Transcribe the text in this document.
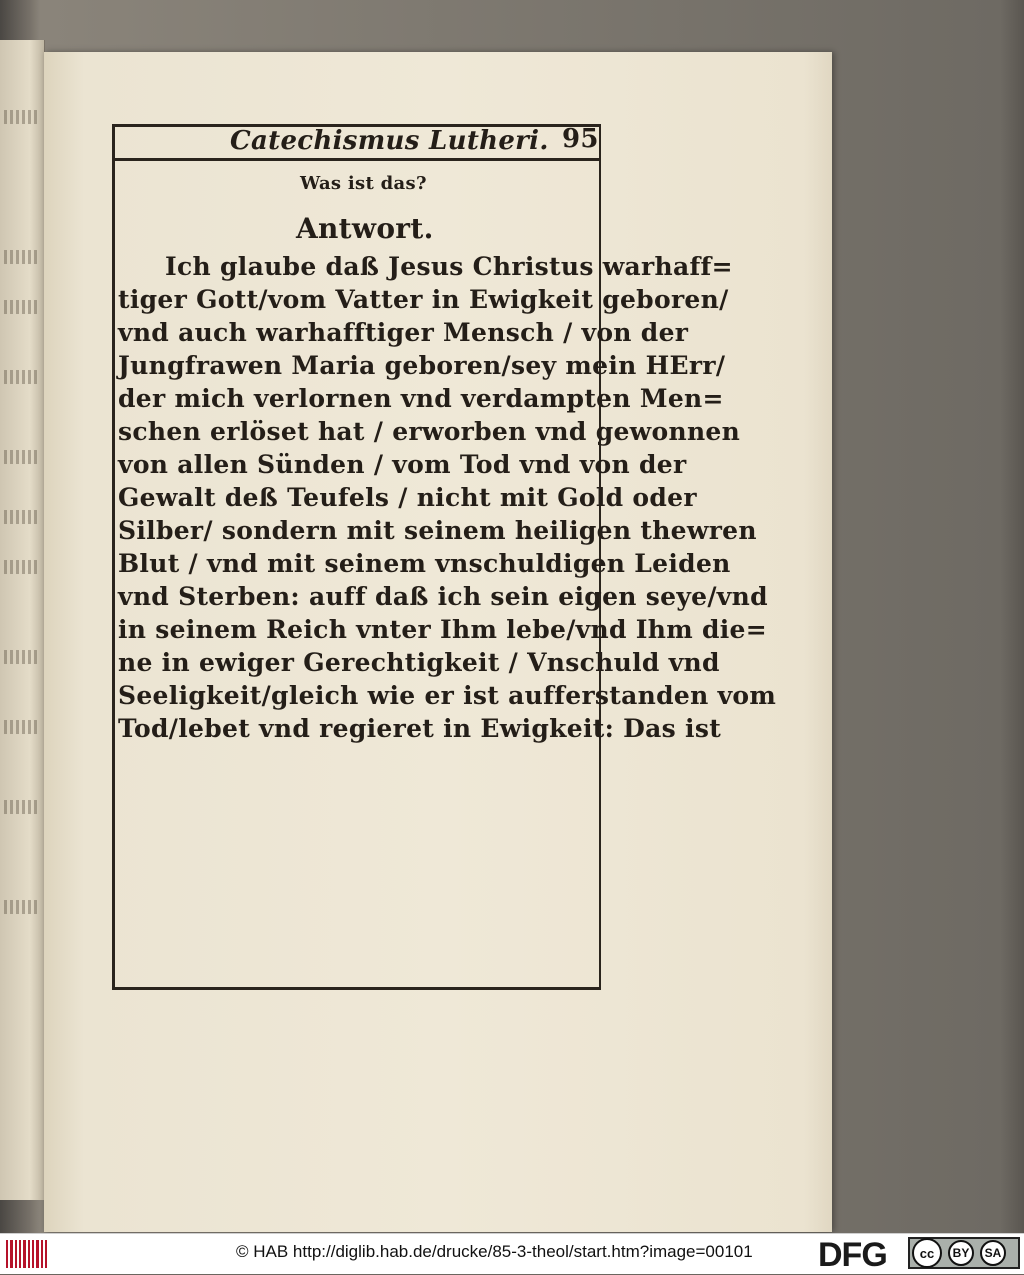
Catechismus Lutheri. 95
Was ist das?
Antwort.
Ich glaube daß Jesus Christus warhaff=
tiger Gott/vom Vatter in Ewigkeit geboren/
vnd auch warhafftiger Mensch / von der
Jungfrawen Maria geboren/sey mein HErr/
der mich verlornen vnd verdampten Men=
schen erlöset hat / erworben vnd gewonnen
von allen Sünden / vom Tod vnd von der
Gewalt deß Teufels / nicht mit Gold oder
Silber/ sondern mit seinem heiligen thewren
Blut / vnd mit seinem vnschuldigen Leiden
vnd Sterben: auff daß ich sein eigen seye/vnd
in seinem Reich vnter Ihm lebe/vnd Ihm die=
ne in ewiger Gerechtigkeit / Vnschuld vnd
Seeligkeit/gleich wie er ist aufferstanden vom
Tod/lebet vnd regieret in Ewigkeit: Das ist
© HAB http://diglib.hab.de/drucke/85-3-theol/start.htm?image=00101 DFG	cc	BY	SA
